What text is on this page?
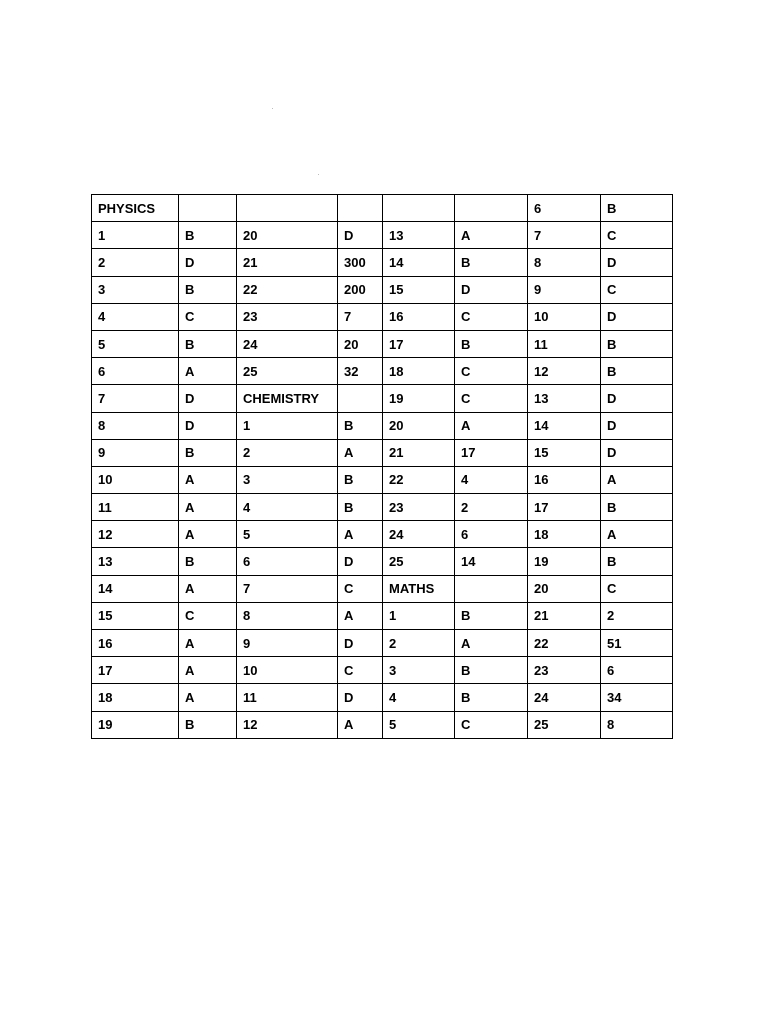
PHYSICS						6	B
1	B	20	D	13	A	7	C
2	D	21	300	14	B	8	D
3	B	22	200	15	D	9	C
4	C	23	7	16	C	10	D
5	B	24	20	17	B	11	B
6	A	25	32	18	C	12	B
7	D	CHEMISTRY		19	C	13	D
8	D	1	B	20	A	14	D
9	B	2	A	21	17	15	D
10	A	3	B	22	4	16	A
11	A	4	B	23	2	17	B
12	A	5	A	24	6	18	A
13	B	6	D	25	14	19	B
14	A	7	C	MATHS		20	C
15	C	8	A	1	B	21	2
16	A	9	D	2	A	22	51
17	A	10	C	3	B	23	6
18	A	11	D	4	B	24	34
19	B	12	A	5	C	25	8
